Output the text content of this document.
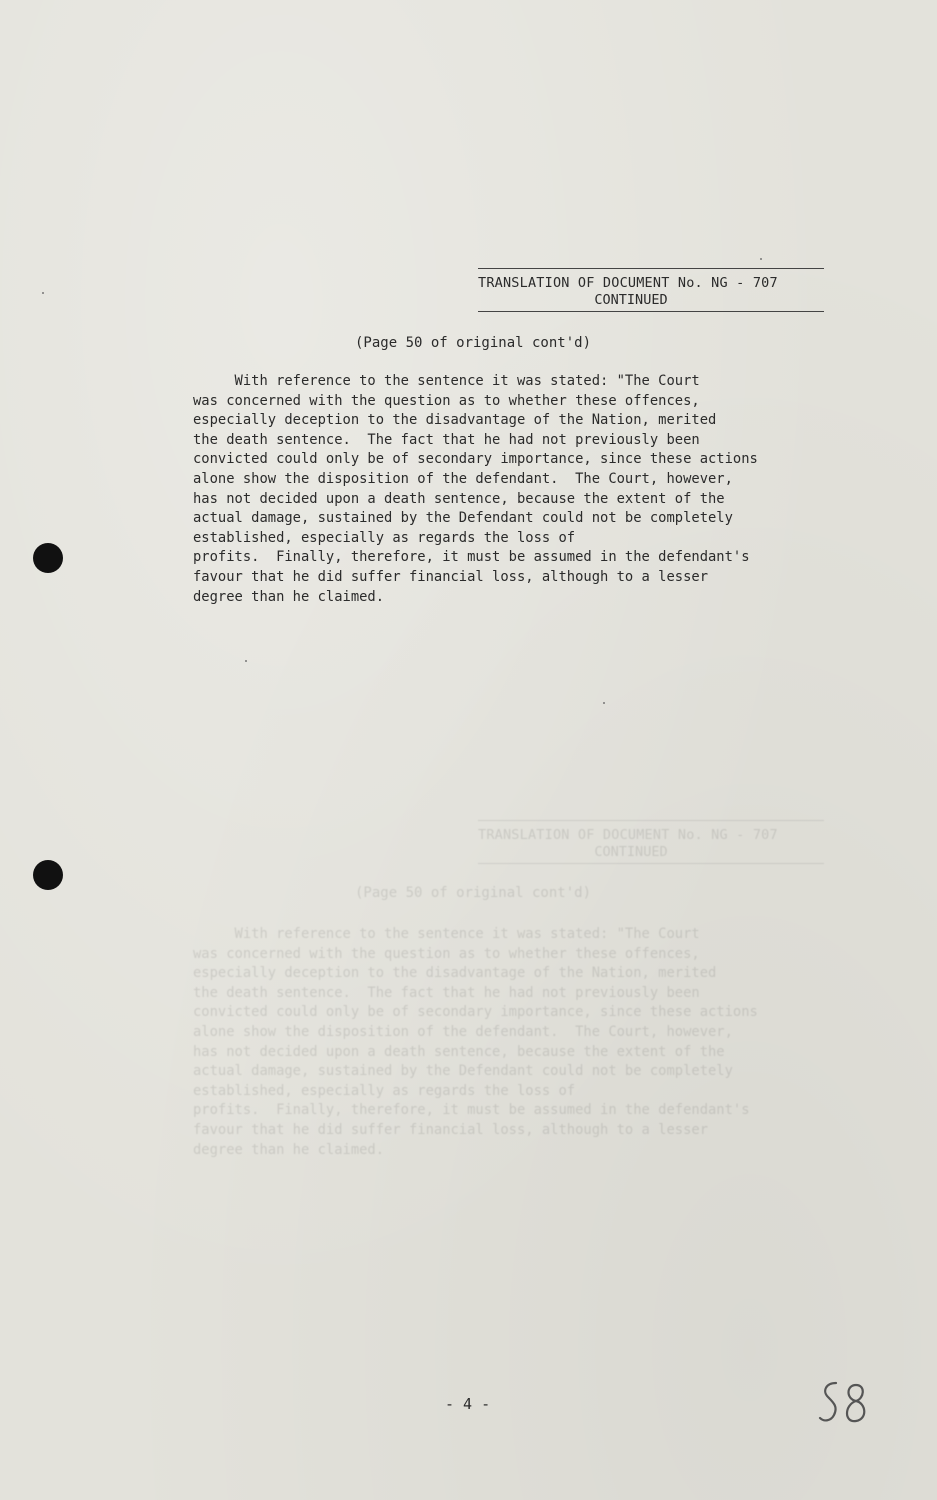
TRANSLATION OF DOCUMENT No. NG - 707
CONTINUED
(Page 50 of original cont'd)
With reference to the sentence it was stated: "The Court
was concerned with the question as to whether these offences,
especially deception to the disadvantage of the Nation, merited
the death sentence.  The fact that he had not previously been
convicted could only be of secondary importance, since these actions
alone show the disposition of the defendant.  The Court, however,
has not decided upon a death sentence, because the extent of the
actual damage, sustained by the Defendant could not be completely
established, especially as regards the loss of
profits.  Finally, therefore, it must be assumed in the defendant's
favour that he did suffer financial loss, although to a lesser
degree than he claimed.
TRANSLATION OF DOCUMENT No. NG - 707
CONTINUED
(Page 50 of original cont'd)
With reference to the sentence it was stated: "The Court
was concerned with the question as to whether these offences,
especially deception to the disadvantage of the Nation, merited
the death sentence.  The fact that he had not previously been
convicted could only be of secondary importance, since these actions
alone show the disposition of the defendant.  The Court, however,
has not decided upon a death sentence, because the extent of the
actual damage, sustained by the Defendant could not be completely
established, especially as regards the loss of
profits.  Finally, therefore, it must be assumed in the defendant's
favour that he did suffer financial loss, although to a lesser
degree than he claimed.
- 4 -
